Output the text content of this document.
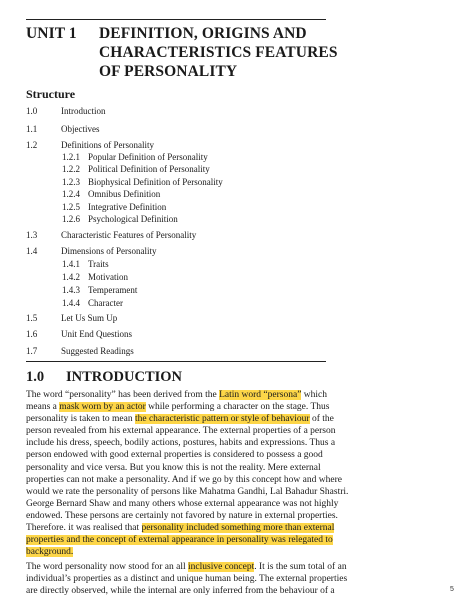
UNIT 1 DEFINITION, ORIGINS AND
CHARACTERISTICS FEATURES
OF PERSONALITY
Structure
1.0	Introduction
1.1	Objectives
1.2	Definitions of Personality
1.2.1 Popular Definition of Personality
1.2.2 Political Definition of Personality
1.2.3 Biophysical Definition of Personality
1.2.4 Omnibus Definition
1.2.5 Integrative Definition
1.2.6 Psychological Definition
1.3	Characteristic Features of Personality
1.4	Dimensions of Personality
1.4.1 Traits
1.4.2 Motivation
1.4.3 Temperament
1.4.4 Character
1.5	Let Us Sum Up
1.6	Unit End Questions
1.7	Suggested Readings
1.0 INTRODUCTION
The word “personality” has been derived from the Latin word “persona” which
means a mask worn by an actor while performing a character on the stage. Thus
personality is taken to mean the characteristic pattern or style of behaviour of the
person revealed from his external appearance. The external properties of a person
include his dress, speech, bodily actions, postures, habits and expressions. Thus a
person endowed with good external properties is considered to possess a good
personality and vice versa. But you know this is not the reality. Mere external
properties can not make a personality. And if we go by this concept how and where
would we rate the personality of persons like Mahatma Gandhi, Lal Bahadur Shastri.
George Bernard Shaw and many others whose external appearance was not highly
endowed. These persons are certainly not favored by nature in external properties.
Therefore. it was realised that personality included something more than external
properties and the concept of external appearance in personality was relegated to
background.
The word personality now stood for an all inclusive concept. It is the sum total of an
individual’s properties as a distinct and unique human being. The external properties
are directly observed, while the internal are only inferred from the behaviour of a	5
